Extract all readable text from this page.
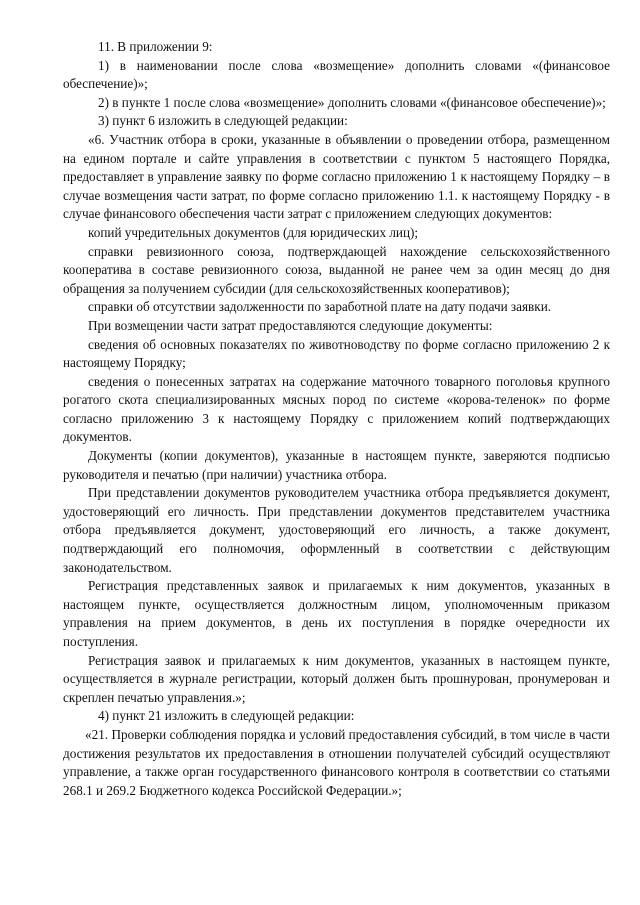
11. В приложении 9:

1) в наименовании после слова «возмещение» дополнить словами «(финансовое обеспечение)»;

2) в пункте 1 после слова «возмещение» дополнить словами «(финансовое обеспечение)»;

3) пункт 6 изложить в следующей редакции:

«6. Участник отбора в сроки, указанные в объявлении о проведении отбора, размещенном на едином портале и сайте управления в соответствии с пунктом 5 настоящего Порядка, предоставляет в управление заявку по форме согласно приложению 1 к настоящему Порядку – в случае возмещения части затрат, по форме согласно приложению 1.1. к настоящему Порядку - в случае финансового обеспечения части затрат с приложением следующих документов:

копий учредительных документов (для юридических лиц);

справки ревизионного союза, подтверждающей нахождение сельскохозяйственного кооператива в составе ревизионного союза, выданной не ранее чем за один месяц до дня обращения за получением субсидии (для сельскохозяйственных кооперативов);

справки об отсутствии задолженности по заработной плате на дату подачи заявки.

При возмещении части затрат предоставляются следующие документы:

сведения об основных показателях по животноводству по форме согласно приложению 2 к настоящему Порядку;

сведения о понесенных затратах на содержание маточного товарного поголовья крупного рогатого скота специализированных мясных пород по системе «корова-теленок» по форме согласно приложению 3 к настоящему Порядку с приложением копий подтверждающих документов.

Документы (копии документов), указанные в настоящем пункте, заверяются подписью руководителя и печатью (при наличии) участника отбора.

При представлении документов руководителем участника отбора предъявляется документ, удостоверяющий его личность. При представлении документов представителем участника отбора предъявляется документ, удостоверяющий его личность, а также документ, подтверждающий его полномочия, оформленный в соответствии с действующим законодательством.

Регистрация представленных заявок и прилагаемых к ним документов, указанных в настоящем пункте, осуществляется должностным лицом, уполномоченным приказом управления на прием документов, в день их поступления в порядке очередности их поступления.

Регистрация заявок и прилагаемых к ним документов, указанных в настоящем пункте, осуществляется в журнале регистрации, который должен быть прошнурован, пронумерован и скреплен печатью управления.»;

4) пункт 21 изложить в следующей редакции:

«21. Проверки соблюдения порядка и условий предоставления субсидий, в том числе в части достижения результатов их предоставления в отношении получателей субсидий осуществляют управление, а также орган государственного финансового контроля в соответствии со статьями 268.1 и 269.2 Бюджетного кодекса Российской Федерации.»;
